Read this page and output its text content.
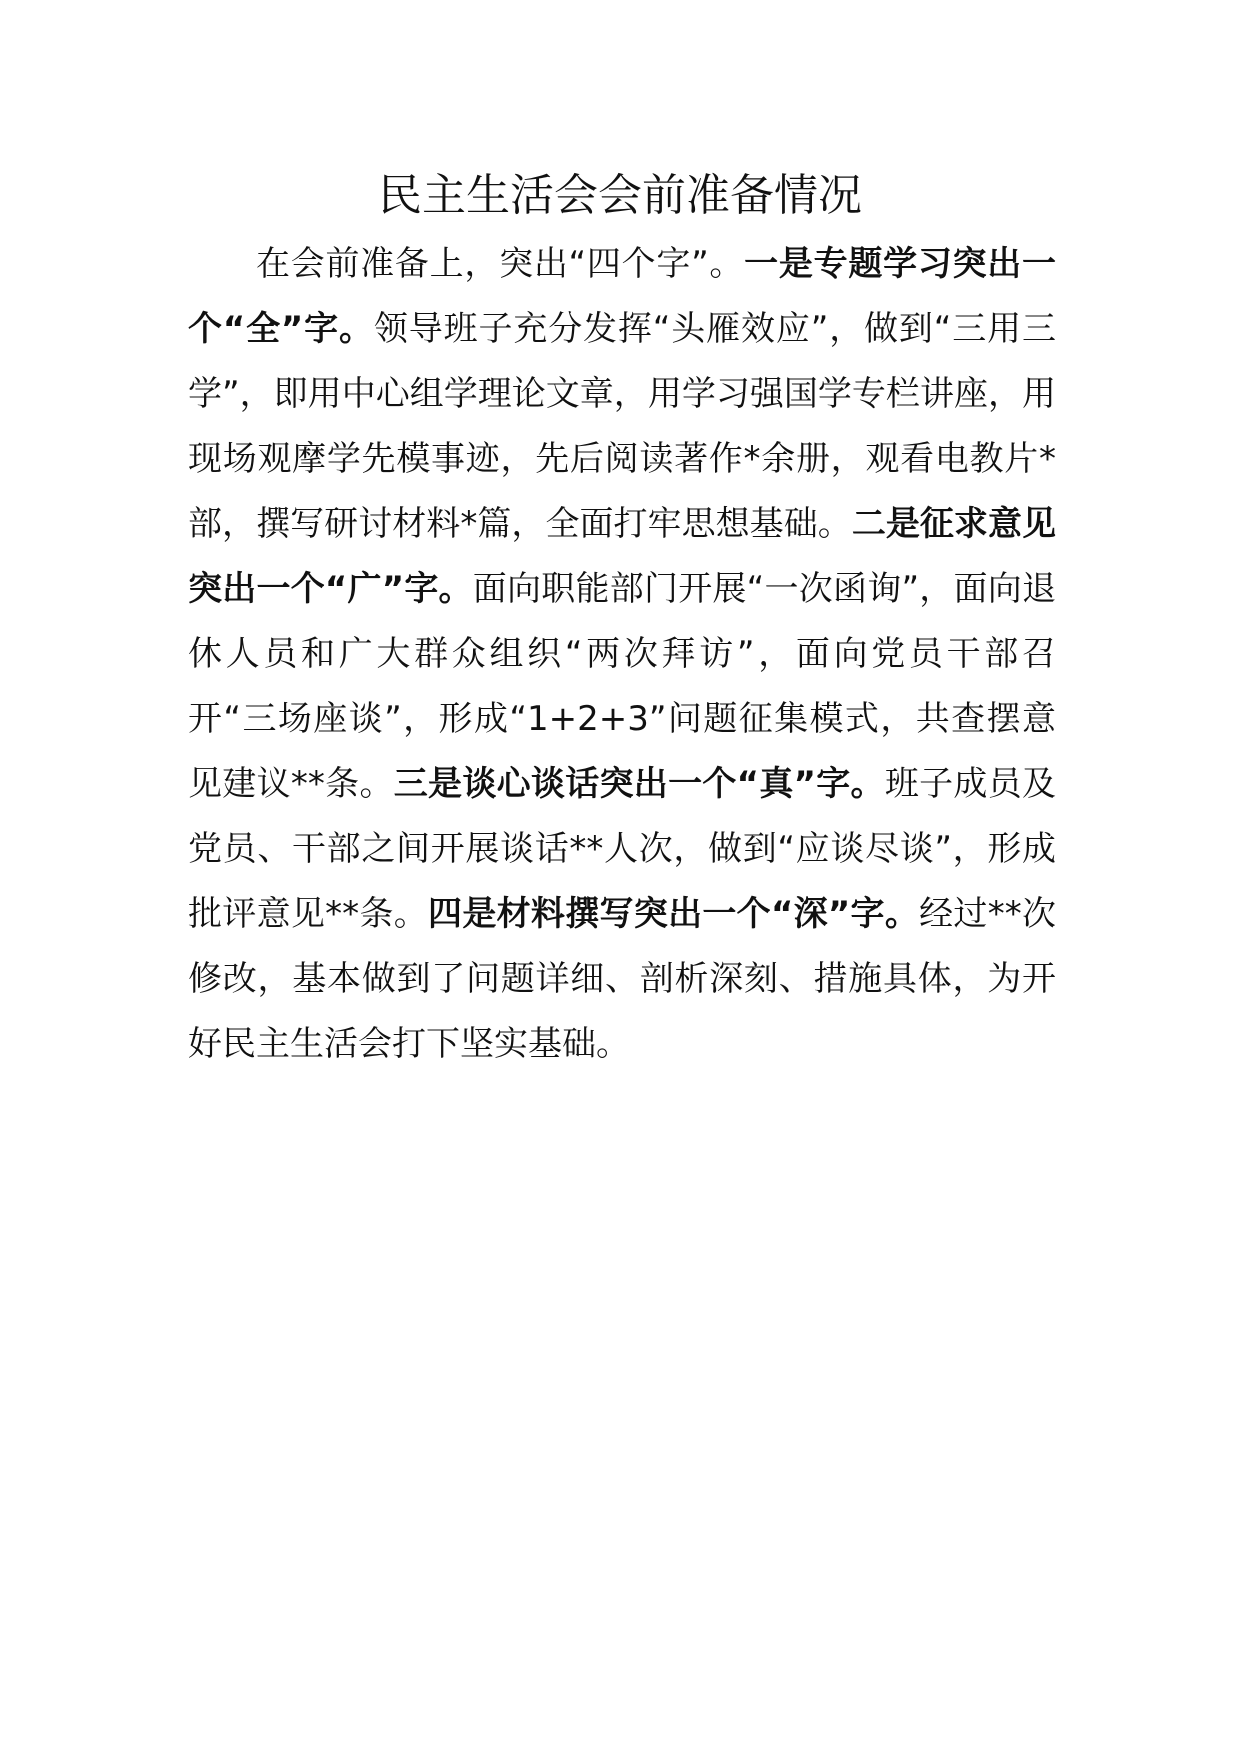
民主生活会会前准备情况

在会前准备上，突出“四个字”。一是专题学习突出一个“全”字。领导班子充分发挥“头雁效应”，做到“三用三学”，即用中心组学理论文章，用学习强国学专栏讲座，用现场观摩学先模事迹，先后阅读著作*余册，观看电教片*部，撰写研讨材料*篇，全面打牢思想基础。二是征求意见突出一个“广”字。面向职能部门开展“一次函询”，面向退休人员和广大群众组织“两次拜访”，面向党员干部召开“三场座谈”，形成“1+2+3”问题征集模式，共查摆意见建议**条。三是谈心谈话突出一个“真”字。班子成员及党员、干部之间开展谈话**人次，做到“应谈尽谈”，形成批评意见**条。四是材料撰写突出一个“深”字。经过**次修改，基本做到了问题详细、剖析深刻、措施具体，为开好民主生活会打下坚实基础。
